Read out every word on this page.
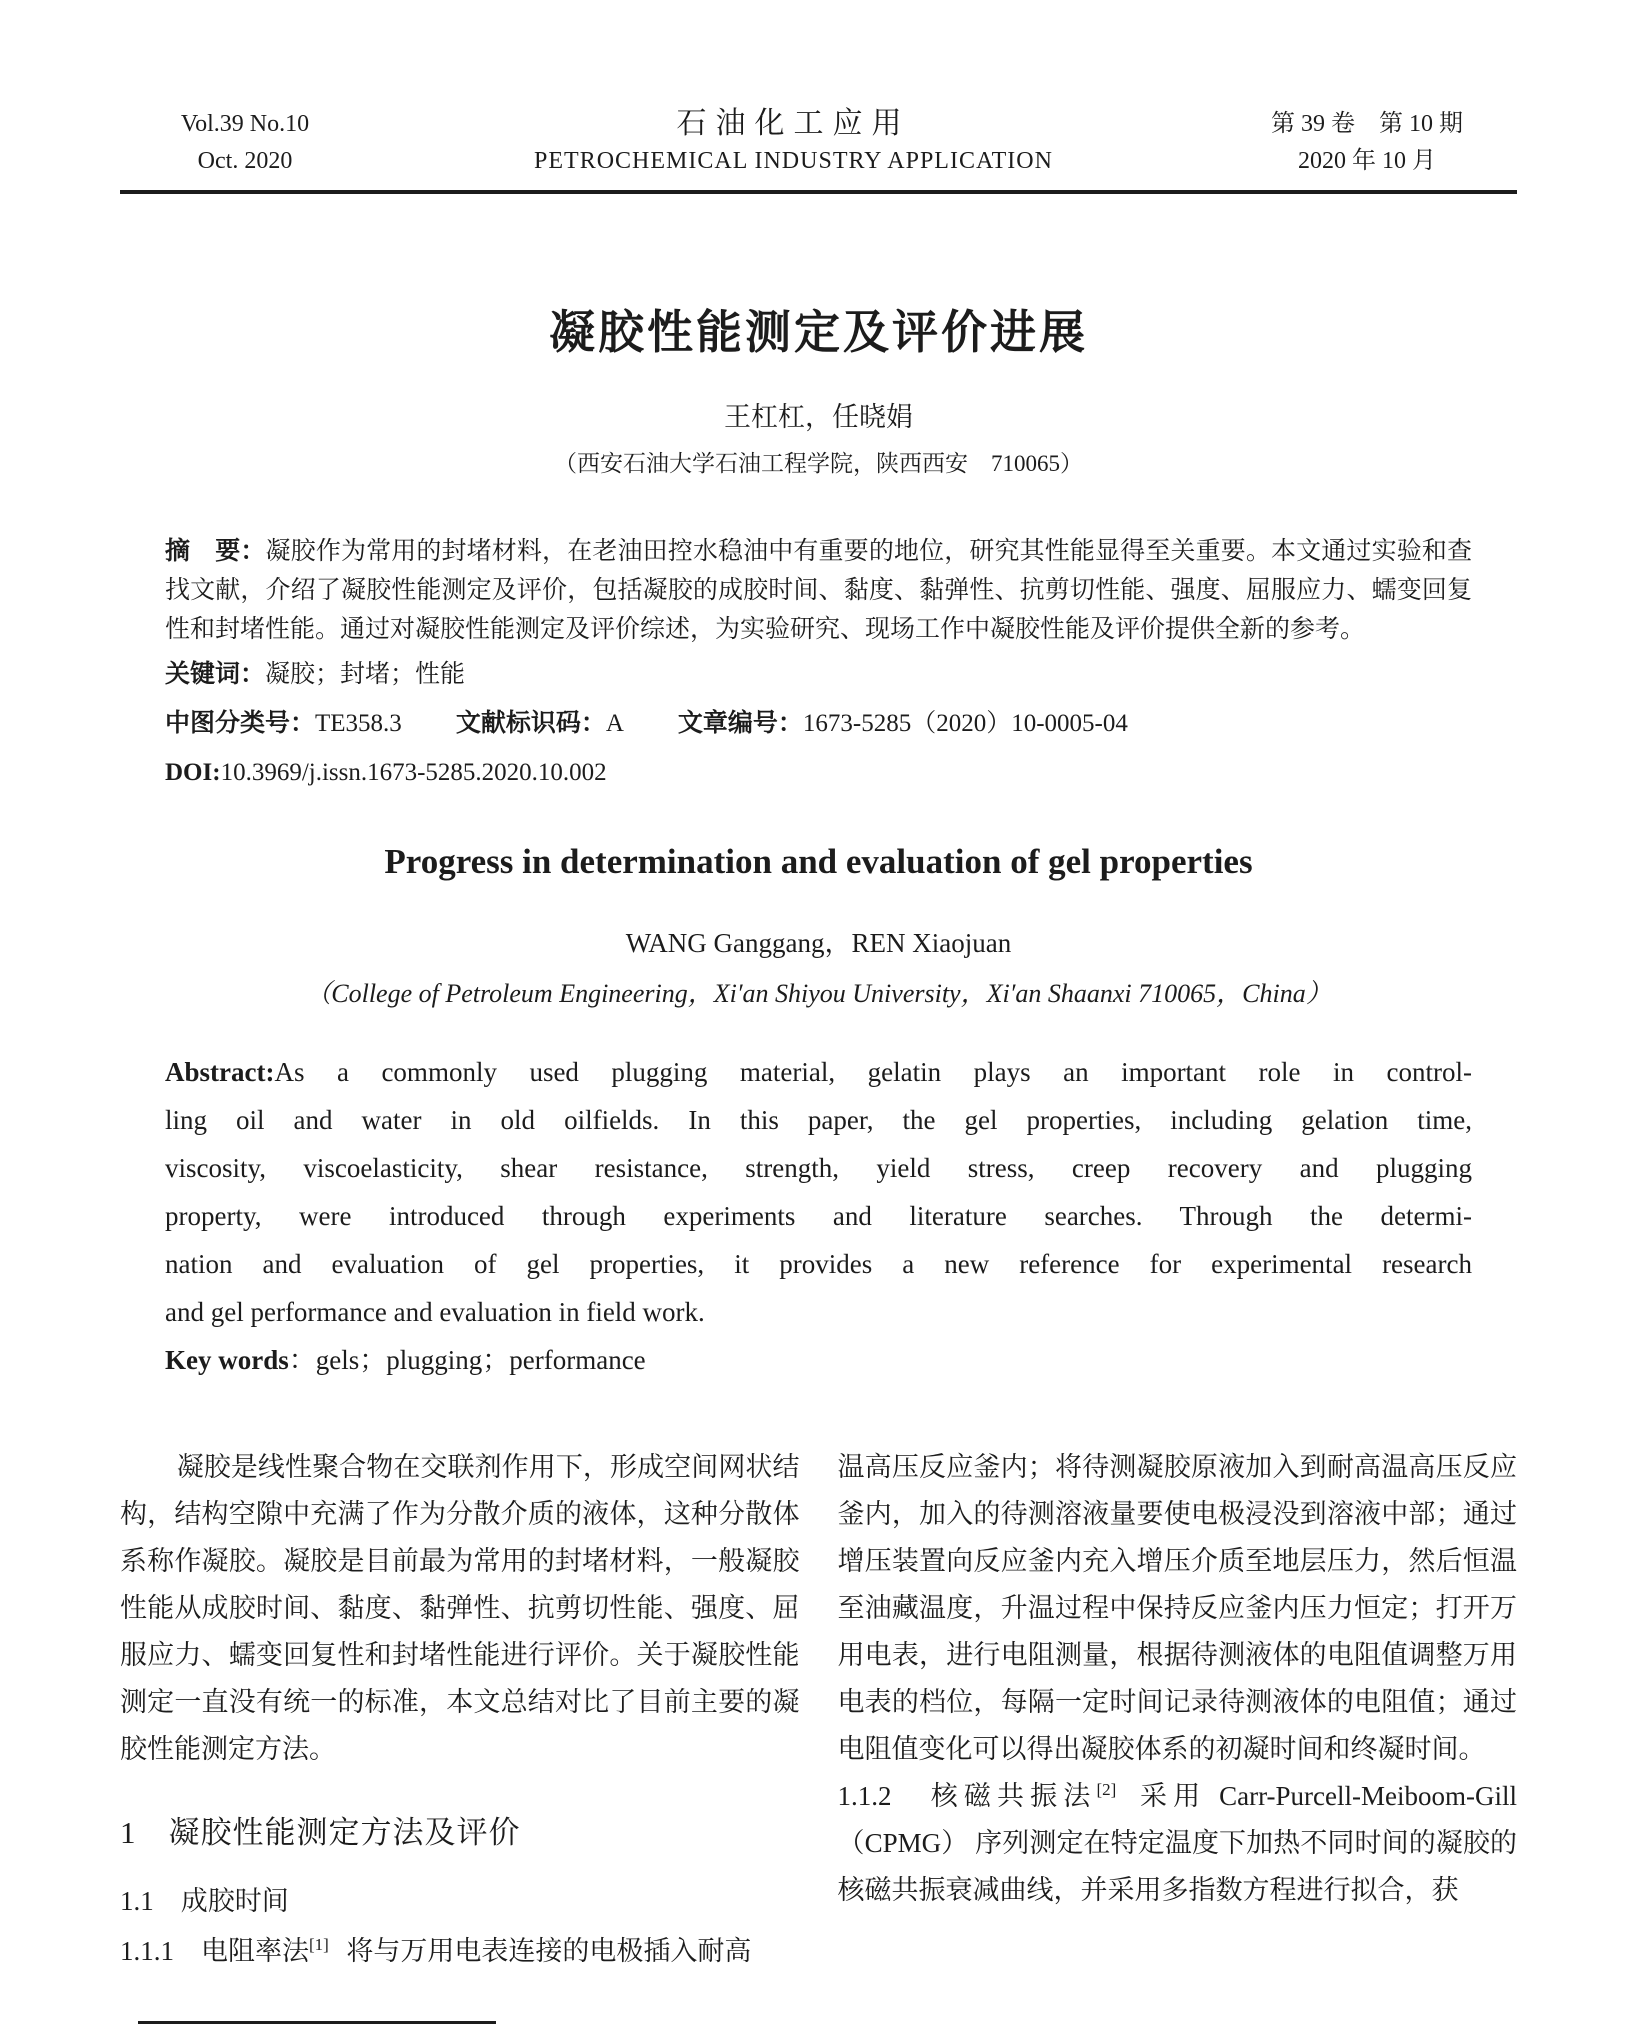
Vol.39 No.10
Oct. 2020
石油化工应用
PETROCHEMICAL INDUSTRY APPLICATION
第 39 卷　第 10 期
2020 年 10 月
凝胶性能测定及评价进展
王杠杠，任晓娟
（西安石油大学石油工程学院，陕西西安　710065）

摘　要：凝胶作为常用的封堵材料，在老油田控水稳油中有重要的地位，研究其性能显得至关重要。本文通过实验和查找文献，介绍了凝胶性能测定及评价，包括凝胶的成胶时间、黏度、黏弹性、抗剪切性能、强度、屈服应力、蠕变回复性和封堵性能。通过对凝胶性能测定及评价综述，为实验研究、现场工作中凝胶性能及评价提供全新的参考。

关键词：凝胶；封堵；性能

中图分类号：TE358.3 文献标识码：A 文章编号：1673-5285（2020）10-0005-04

DOI:10.3969/j.issn.1673-5285.2020.10.002

Progress in determination and evaluation of gel properties
WANG Ganggang，REN Xiaojuan
（College of Petroleum Engineering，Xi′an Shiyou University，Xi′an Shaanxi 710065，China）
Abstract:As a commonly used plugging material, gelatin plays an important role in control-
ling oil and water in old oilfields. In this paper, the gel properties, including gelation time,
viscosity, viscoelasticity, shear resistance, strength, yield stress, creep recovery and plugging
property, were introduced through experiments and literature searches. Through the determi-
nation and evaluation of gel properties, it provides a new reference for experimental research
and gel performance and evaluation in field work.
Key words：gels；plugging；performance

凝胶是线性聚合物在交联剂作用下，形成空间网状结构，结构空隙中充满了作为分散介质的液体，这种分散体系称作凝胶。凝胶是目前最为常用的封堵材料，一般凝胶性能从成胶时间、黏度、黏弹性、抗剪切性能、强度、屈服应力、蠕变回复性和封堵性能进行评价。关于凝胶性能测定一直没有统一的标准，本文总结对比了目前主要的凝胶性能测定方法。

1　凝胶性能测定方法及评价
1.1　成胶时间

1.1.1　电阻率法[1] 将与万用电表连接的电极插入耐高

温高压反应釜内；将待测凝胶原液加入到耐高温高压反应釜内，加入的待测溶液量要使电极浸没到溶液中部；通过增压装置向反应釜内充入增压介质至地层压力，然后恒温至油藏温度，升温过程中保持反应釜内压力恒定；打开万用电表，进行电阻测量，根据待测液体的电阻值调整万用电表的档位，每隔一定时间记录待测液体的电阻值；通过电阻值变化可以得出凝胶体系的初凝时间和终凝时间。

1.1.2　核磁共振法[2] 采用 Carr-Purcell-Meiboom-Gill（CPMG） 序列测定在特定温度下加热不同时间的凝胶的核磁共振衰减曲线，并采用多指数方程进行拟合，获
